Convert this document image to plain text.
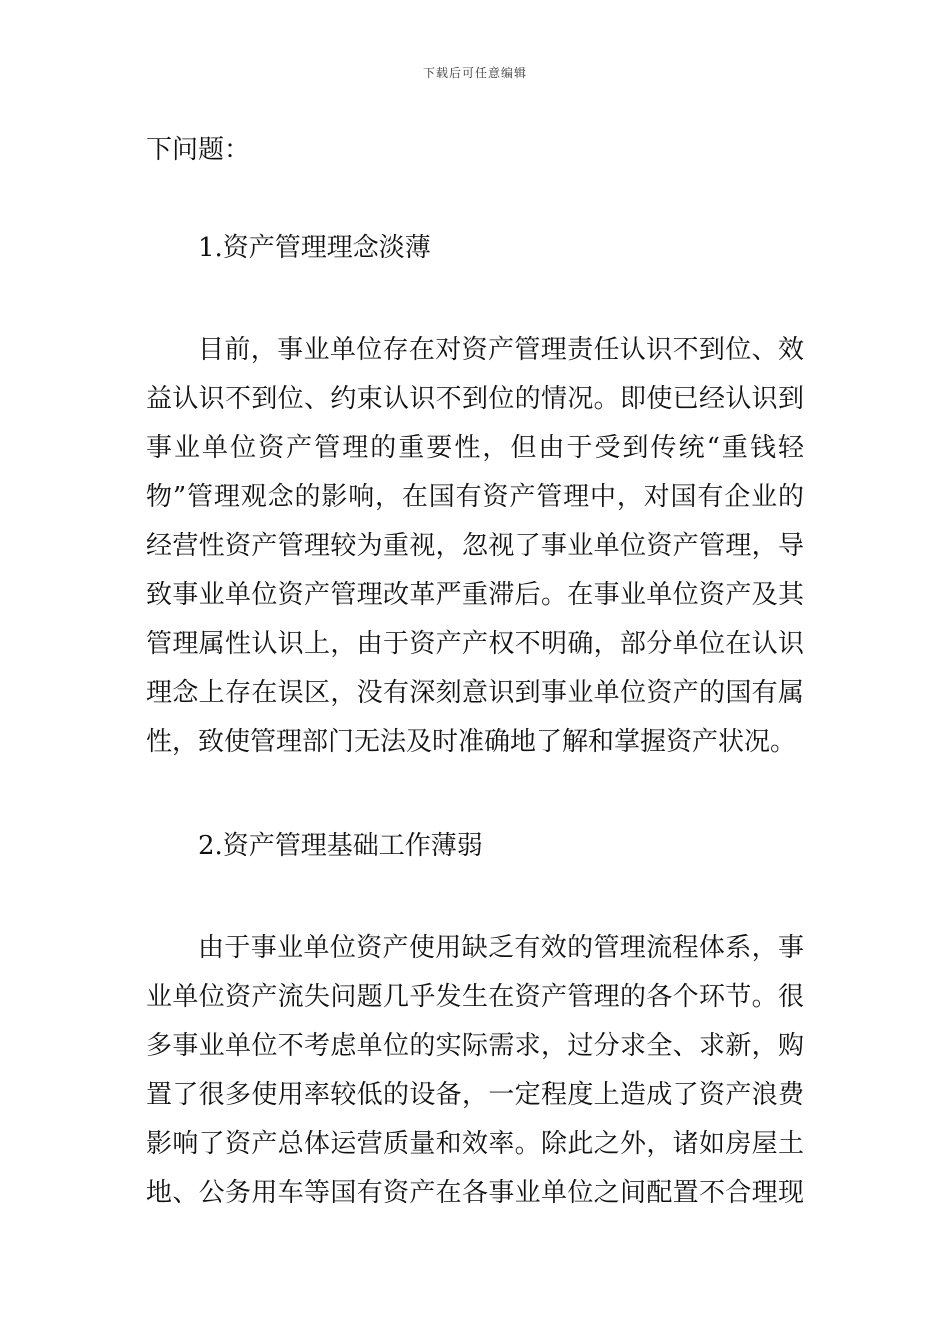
下载后可任意编辑
下问题：
1.资产管理理念淡薄
目前，事业单位存在对资产管理责任认识不到位、效
益认识不到位、约束认识不到位的情况。即使已经认识到
事业单位资产管理的重要性，但由于受到传统“重钱轻
物”管理观念的影响，在国有资产管理中，对国有企业的
经营性资产管理较为重视，忽视了事业单位资产管理，导
致事业单位资产管理改革严重滞后。在事业单位资产及其
管理属性认识上，由于资产产权不明确，部分单位在认识
理念上存在误区，没有深刻意识到事业单位资产的国有属
性，致使管理部门无法及时准确地了解和掌握资产状况。
2.资产管理基础工作薄弱
由于事业单位资产使用缺乏有效的管理流程体系，事
业单位资产流失问题几乎发生在资产管理的各个环节。很
多事业单位不考虑单位的实际需求，过分求全、求新，购
置了很多使用率较低的设备，一定程度上造成了资产浪费
影响了资产总体运营质量和效率。除此之外，诸如房屋土
地、公务用车等国有资产在各事业单位之间配置不合理现
